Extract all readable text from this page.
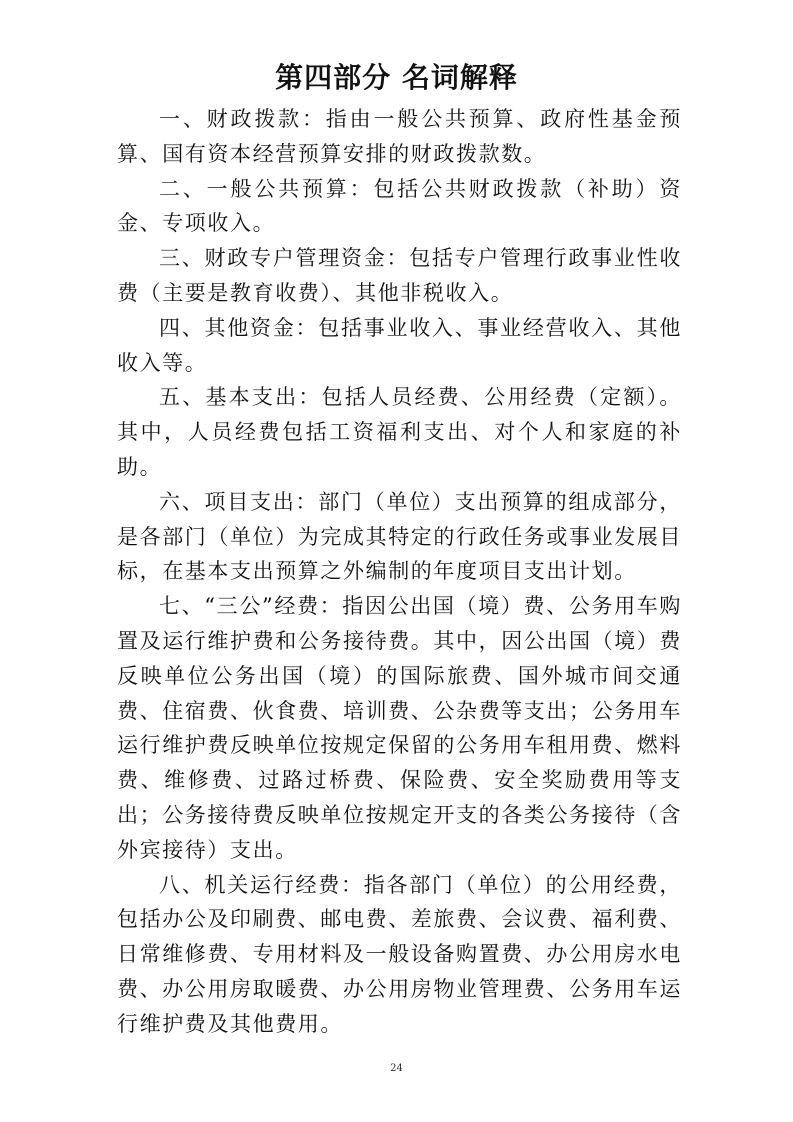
第四部分 名词解释

一、财政拨款：指由一般公共预算、政府性基金预算、国有资本经营预算安排的财政拨款数。

二、一般公共预算：包括公共财政拨款（补助）资金、专项收入。

三、财政专户管理资金：包括专户管理行政事业性收费（主要是教育收费）、其他非税收入。

四、其他资金：包括事业收入、事业经营收入、其他收入等。

五、基本支出：包括人员经费、公用经费（定额）。其中，人员经费包括工资福利支出、对个人和家庭的补助。

六、项目支出：部门（单位）支出预算的组成部分，是各部门（单位）为完成其特定的行政任务或事业发展目标，在基本支出预算之外编制的年度项目支出计划。

七、“三公”经费：指因公出国（境）费、公务用车购置及运行维护费和公务接待费。其中，因公出国（境）费反映单位公务出国（境）的国际旅费、国外城市间交通费、住宿费、伙食费、培训费、公杂费等支出；公务用车运行维护费反映单位按规定保留的公务用车租用费、燃料费、维修费、过路过桥费、保险费、安全奖励费用等支出；公务接待费反映单位按规定开支的各类公务接待（含外宾接待）支出。

八、机关运行经费：指各部门（单位）的公用经费，包括办公及印刷费、邮电费、差旅费、会议费、福利费、日常维修费、专用材料及一般设备购置费、办公用房水电费、办公用房取暖费、办公用房物业管理费、公务用车运行维护费及其他费用。

24
